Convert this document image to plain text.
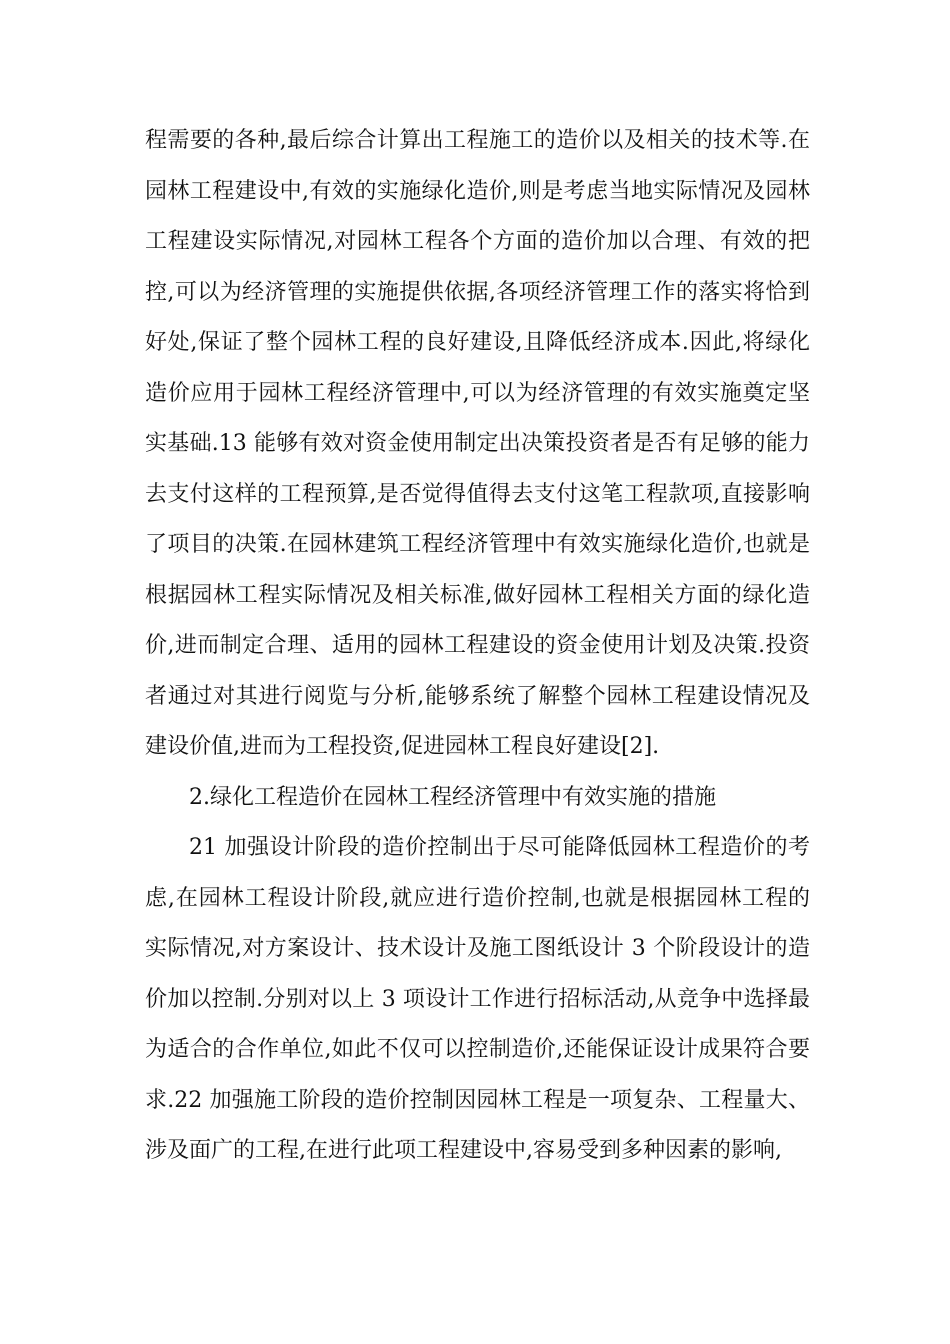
程需要的各种,最后综合计算出工程施工的造价以及相关的技术等.在
园林工程建设中,有效的实施绿化造价,则是考虑当地实际情况及园林
工程建设实际情况,对园林工程各个方面的造价加以合理、有效的把
控,可以为经济管理的实施提供依据,各项经济管理工作的落实将恰到
好处,保证了整个园林工程的良好建设,且降低经济成本.因此,将绿化
造价应用于园林工程经济管理中,可以为经济管理的有效实施奠定坚
实基础.13 能够有效对资金使用制定出决策投资者是否有足够的能力
去支付这样的工程预算,是否觉得值得去支付这笔工程款项,直接影响
了项目的决策.在园林建筑工程经济管理中有效实施绿化造价,也就是
根据园林工程实际情况及相关标准,做好园林工程相关方面的绿化造
价,进而制定合理、适用的园林工程建设的资金使用计划及决策.投资
者通过对其进行阅览与分析,能够系统了解整个园林工程建设情况及
建设价值,进而为工程投资,促进园林工程良好建设[2].
2.绿化工程造价在园林工程经济管理中有效实施的措施
21 加强设计阶段的造价控制出于尽可能降低园林工程造价的考
虑,在园林工程设计阶段,就应进行造价控制,也就是根据园林工程的
实际情况,对方案设计、技术设计及施工图纸设计 3 个阶段设计的造
价加以控制.分别对以上 3 项设计工作进行招标活动,从竞争中选择最
为适合的合作单位,如此不仅可以控制造价,还能保证设计成果符合要
求.22 加强施工阶段的造价控制因园林工程是一项复杂、工程量大、
涉及面广的工程,在进行此项工程建设中,容易受到多种因素的影响,
